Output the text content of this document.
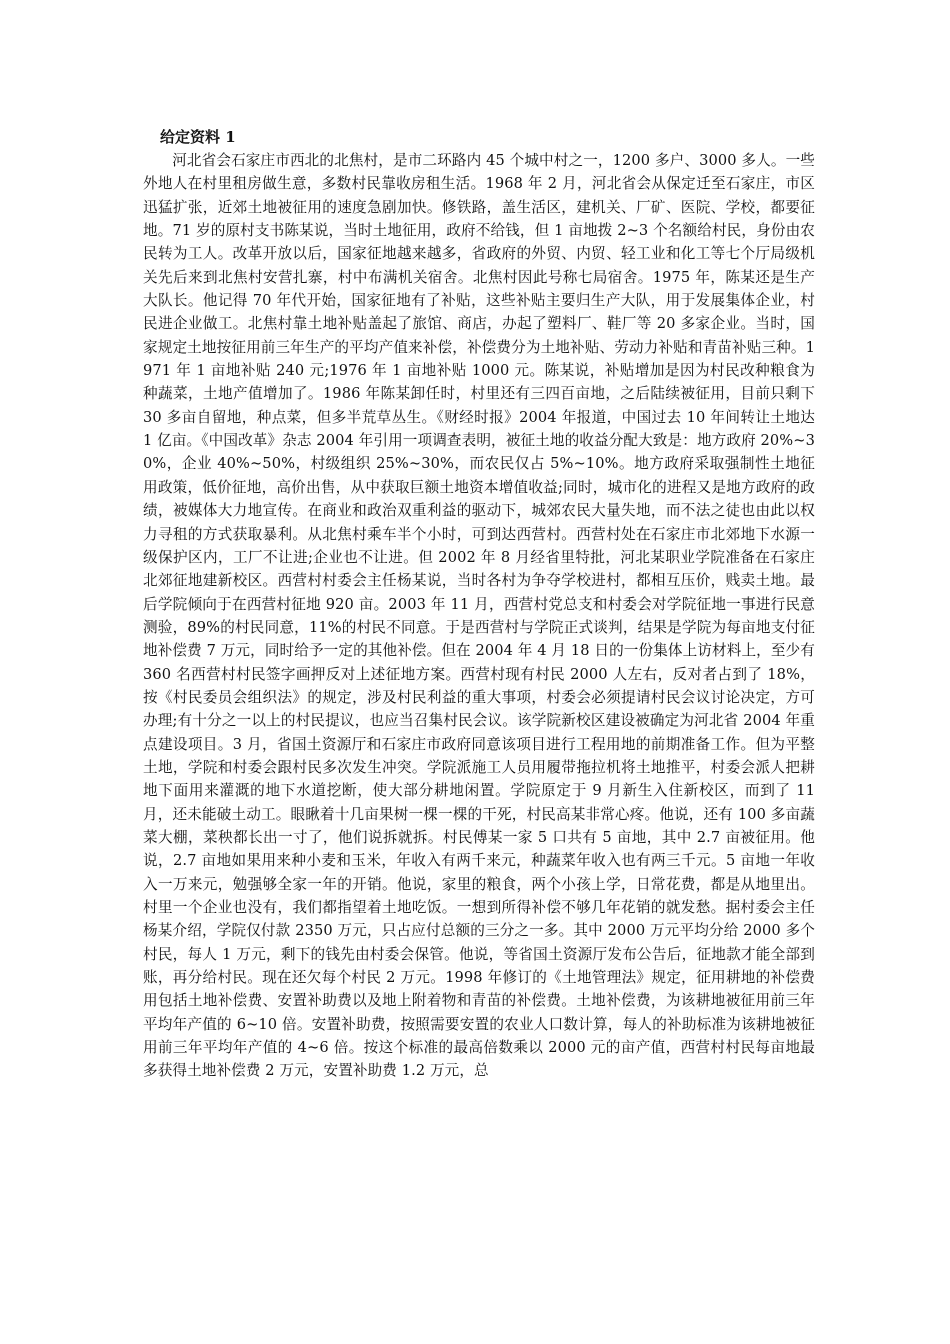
给定资料 1

河北省会石家庄市西北的北焦村，是市二环路内 45 个城中村之一，1200 多户、3000 多人。一些外地人在村里租房做生意，多数村民靠收房租生活。1968 年 2 月，河北省会从保定迁至石家庄，市区迅猛扩张，近郊土地被征用的速度急剧加快。修铁路，盖生活区，建机关、厂矿、医院、学校，都要征地。71 岁的原村支书陈某说，当时土地征用，政府不给钱，但 1 亩地拨 2~3 个名额给村民，身份由农民转为工人。改革开放以后，国家征地越来越多，省政府的外贸、内贸、轻工业和化工等七个厅局级机关先后来到北焦村安营扎寨，村中布满机关宿舍。北焦村因此号称七局宿舍。1975 年，陈某还是生产大队长。他记得 70 年代开始，国家征地有了补贴，这些补贴主要归生产大队，用于发展集体企业，村民进企业做工。北焦村靠土地补贴盖起了旅馆、商店，办起了塑料厂、鞋厂等 20 多家企业。当时，国家规定土地按征用前三年生产的平均产值来补偿，补偿费分为土地补贴、劳动力补贴和青苗补贴三种。1971 年 1 亩地补贴 240 元;1976 年 1 亩地补贴 1000 元。陈某说，补贴增加是因为村民改种粮食为种蔬菜，土地产值增加了。1986 年陈某卸任时，村里还有三四百亩地，之后陆续被征用，目前只剩下 30 多亩自留地，种点菜，但多半荒草丛生。《财经时报》2004 年报道，中国过去 10 年间转让土地达 1 亿亩。《中国改革》杂志 2004 年引用一项调查表明，被征土地的收益分配大致是：地方政府 20%~30%，企业 40%~50%，村级组织 25%~30%，而农民仅占 5%~10%。地方政府采取强制性土地征用政策，低价征地，高价出售，从中获取巨额土地资本增值收益;同时，城市化的进程又是地方政府的政绩，被媒体大力地宣传。在商业和政治双重利益的驱动下，城郊农民大量失地，而不法之徒也由此以权力寻租的方式获取暴利。从北焦村乘车半个小时，可到达西营村。西营村处在石家庄市北郊地下水源一级保护区内，工厂不让进;企业也不让进。但 2002 年 8 月经省里特批，河北某职业学院准备在石家庄北郊征地建新校区。西营村村委会主任杨某说，当时各村为争夺学校进村，都相互压价，贱卖土地。最后学院倾向于在西营村征地 920 亩。2003 年 11 月，西营村党总支和村委会对学院征地一事进行民意测验，89%的村民同意，11%的村民不同意。于是西营村与学院正式谈判，结果是学院为每亩地支付征地补偿费 7 万元，同时给予一定的其他补偿。但在 2004 年 4 月 18 日的一份集体上访材料上，至少有 360 名西营村村民签字画押反对上述征地方案。西营村现有村民 2000 人左右，反对者占到了 18%，按《村民委员会组织法》的规定，涉及村民利益的重大事项，村委会必须提请村民会议讨论决定，方可办理;有十分之一以上的村民提议，也应当召集村民会议。该学院新校区建设被确定为河北省 2004 年重点建设项目。3 月，省国土资源厅和石家庄市政府同意该项目进行工程用地的前期准备工作。但为平整土地，学院和村委会跟村民多次发生冲突。学院派施工人员用履带拖拉机将土地推平，村委会派人把耕地下面用来灌溉的地下水道挖断，使大部分耕地闲置。学院原定于 9 月新生入住新校区，而到了 11 月，还未能破土动工。眼瞅着十几亩果树一棵一棵的干死，村民高某非常心疼。他说，还有 100 多亩蔬菜大棚，菜秧都长出一寸了，他们说拆就拆。村民傅某一家 5 口共有 5 亩地，其中 2.7 亩被征用。他说，2.7 亩地如果用来种小麦和玉米，年收入有两千来元，种蔬菜年收入也有两三千元。5 亩地一年收入一万来元，勉强够全家一年的开销。他说，家里的粮食，两个小孩上学，日常花费，都是从地里出。村里一个企业也没有，我们都指望着土地吃饭。一想到所得补偿不够几年花销的就发愁。据村委会主任杨某介绍，学院仅付款 2350 万元，只占应付总额的三分之一多。其中 2000 万元平均分给 2000 多个村民，每人 1 万元，剩下的钱先由村委会保管。他说，等省国土资源厅发布公告后，征地款才能全部到账，再分给村民。现在还欠每个村民 2 万元。1998 年修订的《土地管理法》规定，征用耕地的补偿费用包括土地补偿费、安置补助费以及地上附着物和青苗的补偿费。土地补偿费，为该耕地被征用前三年平均年产值的 6~10 倍。安置补助费，按照需要安置的农业人口数计算，每人的补助标准为该耕地被征用前三年平均年产值的 4~6 倍。按这个标准的最高倍数乘以 2000 元的亩产值，西营村村民每亩地最多获得土地补偿费 2 万元，安置补助费 1.2 万元，总
